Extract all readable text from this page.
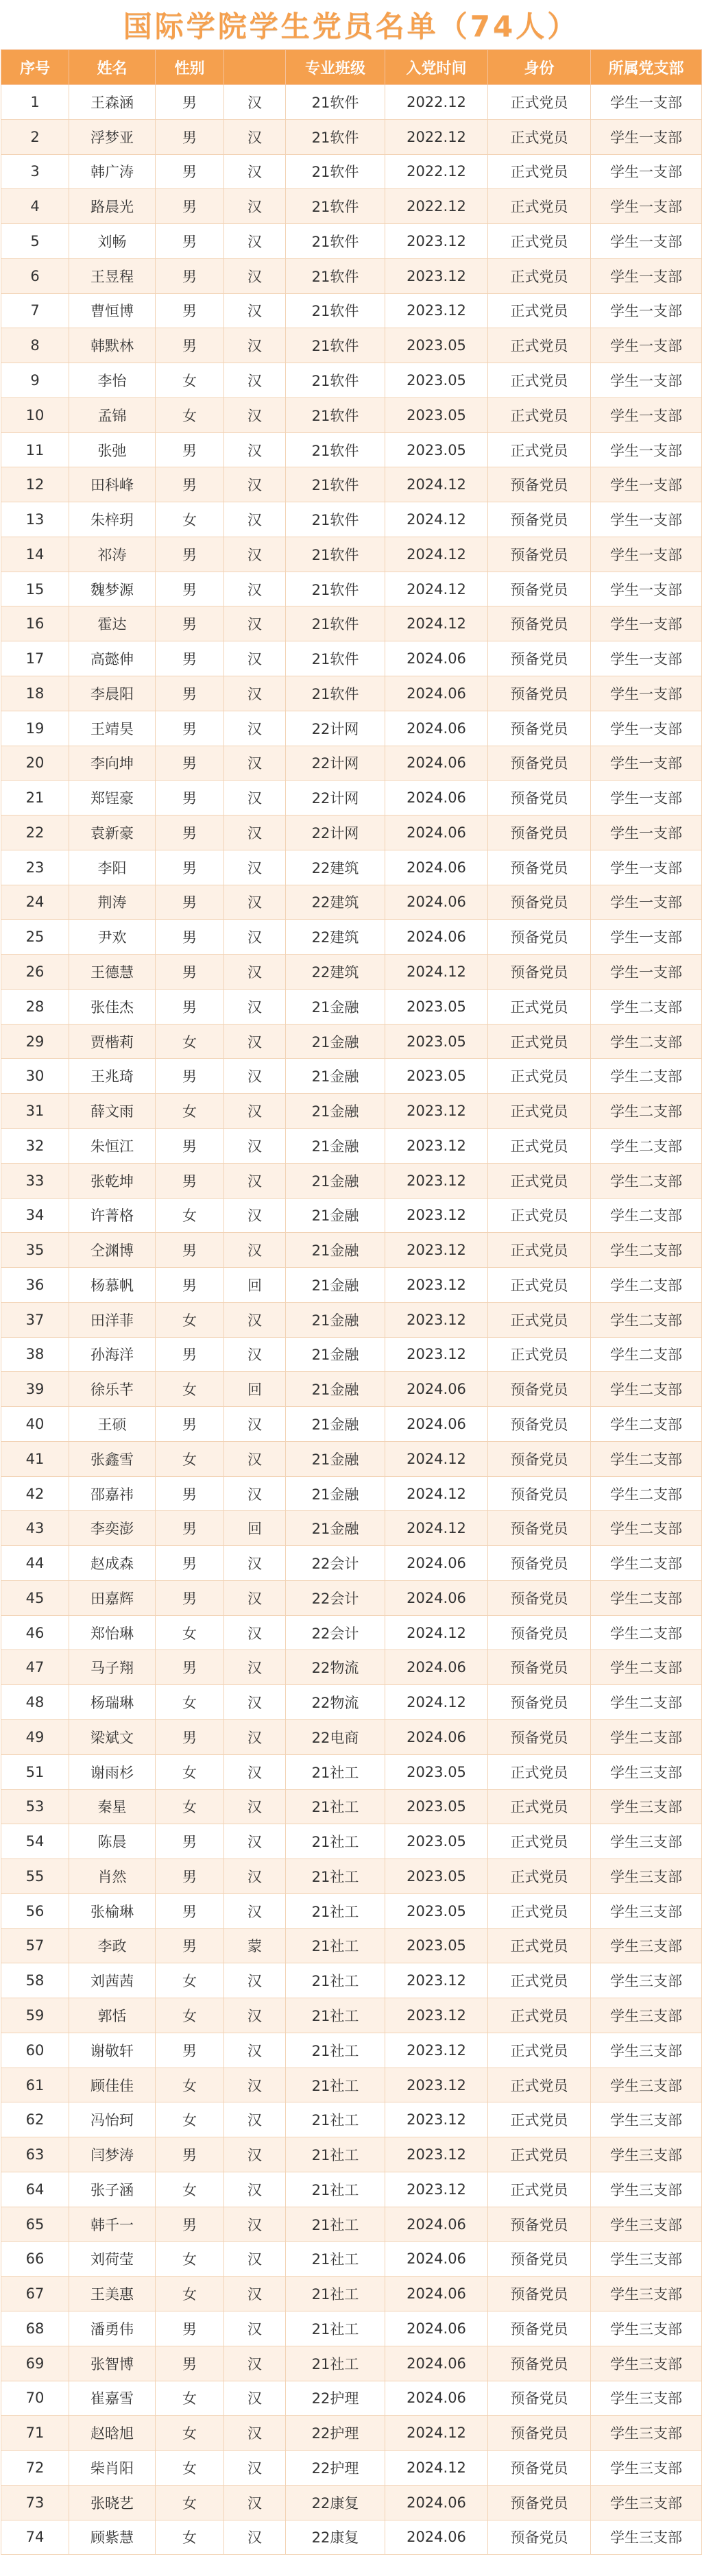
国际学院学生党员名单（74人）
序号	姓名	性别		专业班级	入党时间	身份	所属党支部
1	王森涵	男	汉	21软件	2022.12	正式党员	学生一支部
2	浮梦亚	男	汉	21软件	2022.12	正式党员	学生一支部
3	韩广涛	男	汉	21软件	2022.12	正式党员	学生一支部
4	路晨光	男	汉	21软件	2022.12	正式党员	学生一支部
5	刘畅	男	汉	21软件	2023.12	正式党员	学生一支部
6	王昱程	男	汉	21软件	2023.12	正式党员	学生一支部
7	曹恒博	男	汉	21软件	2023.12	正式党员	学生一支部
8	韩默林	男	汉	21软件	2023.05	正式党员	学生一支部
9	李怡	女	汉	21软件	2023.05	正式党员	学生一支部
10	孟锦	女	汉	21软件	2023.05	正式党员	学生一支部
11	张弛	男	汉	21软件	2023.05	正式党员	学生一支部
12	田科峰	男	汉	21软件	2024.12	预备党员	学生一支部
13	朱梓玥	女	汉	21软件	2024.12	预备党员	学生一支部
14	祁涛	男	汉	21软件	2024.12	预备党员	学生一支部
15	魏梦源	男	汉	21软件	2024.12	预备党员	学生一支部
16	霍达	男	汉	21软件	2024.12	预备党员	学生一支部
17	高懿伸	男	汉	21软件	2024.06	预备党员	学生一支部
18	李晨阳	男	汉	21软件	2024.06	预备党员	学生一支部
19	王靖昊	男	汉	22计网	2024.06	预备党员	学生一支部
20	李向坤	男	汉	22计网	2024.06	预备党员	学生一支部
21	郑锃豪	男	汉	22计网	2024.06	预备党员	学生一支部
22	袁新豪	男	汉	22计网	2024.06	预备党员	学生一支部
23	李阳	男	汉	22建筑	2024.06	预备党员	学生一支部
24	荆涛	男	汉	22建筑	2024.06	预备党员	学生一支部
25	尹欢	男	汉	22建筑	2024.06	预备党员	学生一支部
26	王德慧	男	汉	22建筑	2024.12	预备党员	学生一支部
28	张佳杰	男	汉	21金融	2023.05	正式党员	学生二支部
29	贾楷莉	女	汉	21金融	2023.05	正式党员	学生二支部
30	王兆琦	男	汉	21金融	2023.05	正式党员	学生二支部
31	薛文雨	女	汉	21金融	2023.12	正式党员	学生二支部
32	朱恒江	男	汉	21金融	2023.12	正式党员	学生二支部
33	张乾坤	男	汉	21金融	2023.12	正式党员	学生二支部
34	许菁格	女	汉	21金融	2023.12	正式党员	学生二支部
35	仝渊博	男	汉	21金融	2023.12	正式党员	学生二支部
36	杨慕帆	男	回	21金融	2023.12	正式党员	学生二支部
37	田洋菲	女	汉	21金融	2023.12	正式党员	学生二支部
38	孙海洋	男	汉	21金融	2023.12	正式党员	学生二支部
39	徐乐芊	女	回	21金融	2024.06	预备党员	学生二支部
40	王硕	男	汉	21金融	2024.06	预备党员	学生二支部
41	张鑫雪	女	汉	21金融	2024.12	预备党员	学生二支部
42	邵嘉祎	男	汉	21金融	2024.12	预备党员	学生二支部
43	李奕澎	男	回	21金融	2024.12	预备党员	学生二支部
44	赵成森	男	汉	22会计	2024.06	预备党员	学生二支部
45	田嘉辉	男	汉	22会计	2024.06	预备党员	学生二支部
46	郑怡琳	女	汉	22会计	2024.12	预备党员	学生二支部
47	马子翔	男	汉	22物流	2024.06	预备党员	学生二支部
48	杨瑞琳	女	汉	22物流	2024.12	预备党员	学生二支部
49	梁斌文	男	汉	22电商	2024.06	预备党员	学生二支部
51	谢雨杉	女	汉	21社工	2023.05	正式党员	学生三支部
53	秦星	女	汉	21社工	2023.05	正式党员	学生三支部
54	陈晨	男	汉	21社工	2023.05	正式党员	学生三支部
55	肖然	男	汉	21社工	2023.05	正式党员	学生三支部
56	张榆琳	男	汉	21社工	2023.05	正式党员	学生三支部
57	李政	男	蒙	21社工	2023.05	正式党员	学生三支部
58	刘茜茜	女	汉	21社工	2023.12	正式党员	学生三支部
59	郭恬	女	汉	21社工	2023.12	正式党员	学生三支部
60	谢敬轩	男	汉	21社工	2023.12	正式党员	学生三支部
61	顾佳佳	女	汉	21社工	2023.12	正式党员	学生三支部
62	冯怡珂	女	汉	21社工	2023.12	正式党员	学生三支部
63	闫梦涛	男	汉	21社工	2023.12	正式党员	学生三支部
64	张子涵	女	汉	21社工	2023.12	正式党员	学生三支部
65	韩千一	男	汉	21社工	2024.06	预备党员	学生三支部
66	刘荷莹	女	汉	21社工	2024.06	预备党员	学生三支部
67	王美惠	女	汉	21社工	2024.06	预备党员	学生三支部
68	潘勇伟	男	汉	21社工	2024.06	预备党员	学生三支部
69	张智博	男	汉	21社工	2024.06	预备党员	学生三支部
70	崔嘉雪	女	汉	22护理	2024.06	预备党员	学生三支部
71	赵晗旭	女	汉	22护理	2024.12	预备党员	学生三支部
72	柴肖阳	女	汉	22护理	2024.12	预备党员	学生三支部
73	张晓艺	女	汉	22康复	2024.06	预备党员	学生三支部
74	顾紫慧	女	汉	22康复	2024.06	预备党员	学生三支部
